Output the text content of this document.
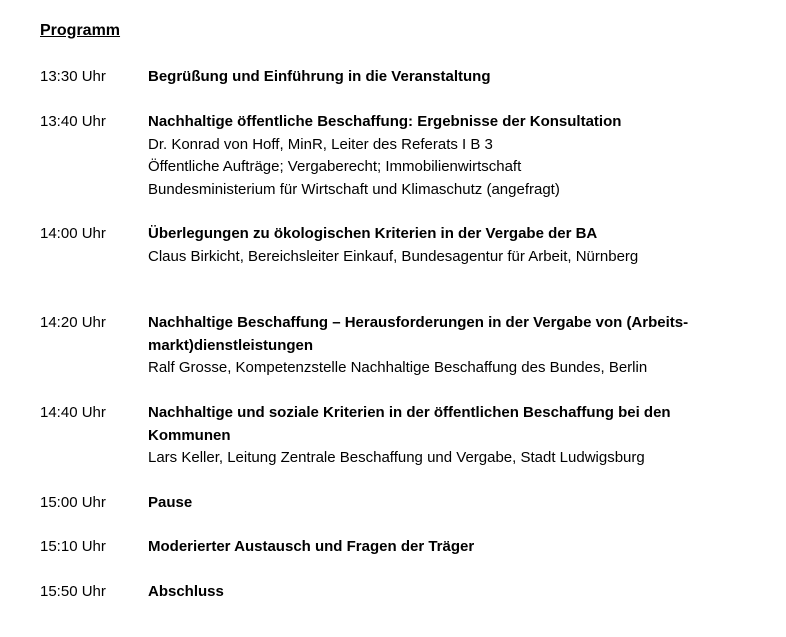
Programm
13:30 Uhr	Begrüßung und Einführung in die Veranstaltung
13:40 Uhr	Nachhaltige öffentliche Beschaffung: Ergebnisse der Konsultation
Dr. Konrad von Hoff, MinR, Leiter des Referats I B 3
Öffentliche Aufträge; Vergaberecht; Immobilienwirtschaft
Bundesministerium für Wirtschaft und Klimaschutz (angefragt)
14:00 Uhr	Überlegungen zu ökologischen Kriterien in der Vergabe der BA
Claus Birkicht, Bereichsleiter Einkauf, Bundesagentur für Arbeit, Nürnberg
14:20 Uhr	Nachhaltige Beschaffung – Herausforderungen in der Vergabe von (Arbeits-
markt)dienstleistungen
Ralf Grosse, Kompetenzstelle Nachhaltige Beschaffung des Bundes, Berlin
14:40 Uhr	Nachhaltige und soziale Kriterien in der öffentlichen Beschaffung bei den
Kommunen
Lars Keller, Leitung Zentrale Beschaffung und Vergabe, Stadt Ludwigsburg
15:00 Uhr	Pause
15:10 Uhr	Moderierter Austausch und Fragen der Träger
15:50 Uhr	Abschluss
